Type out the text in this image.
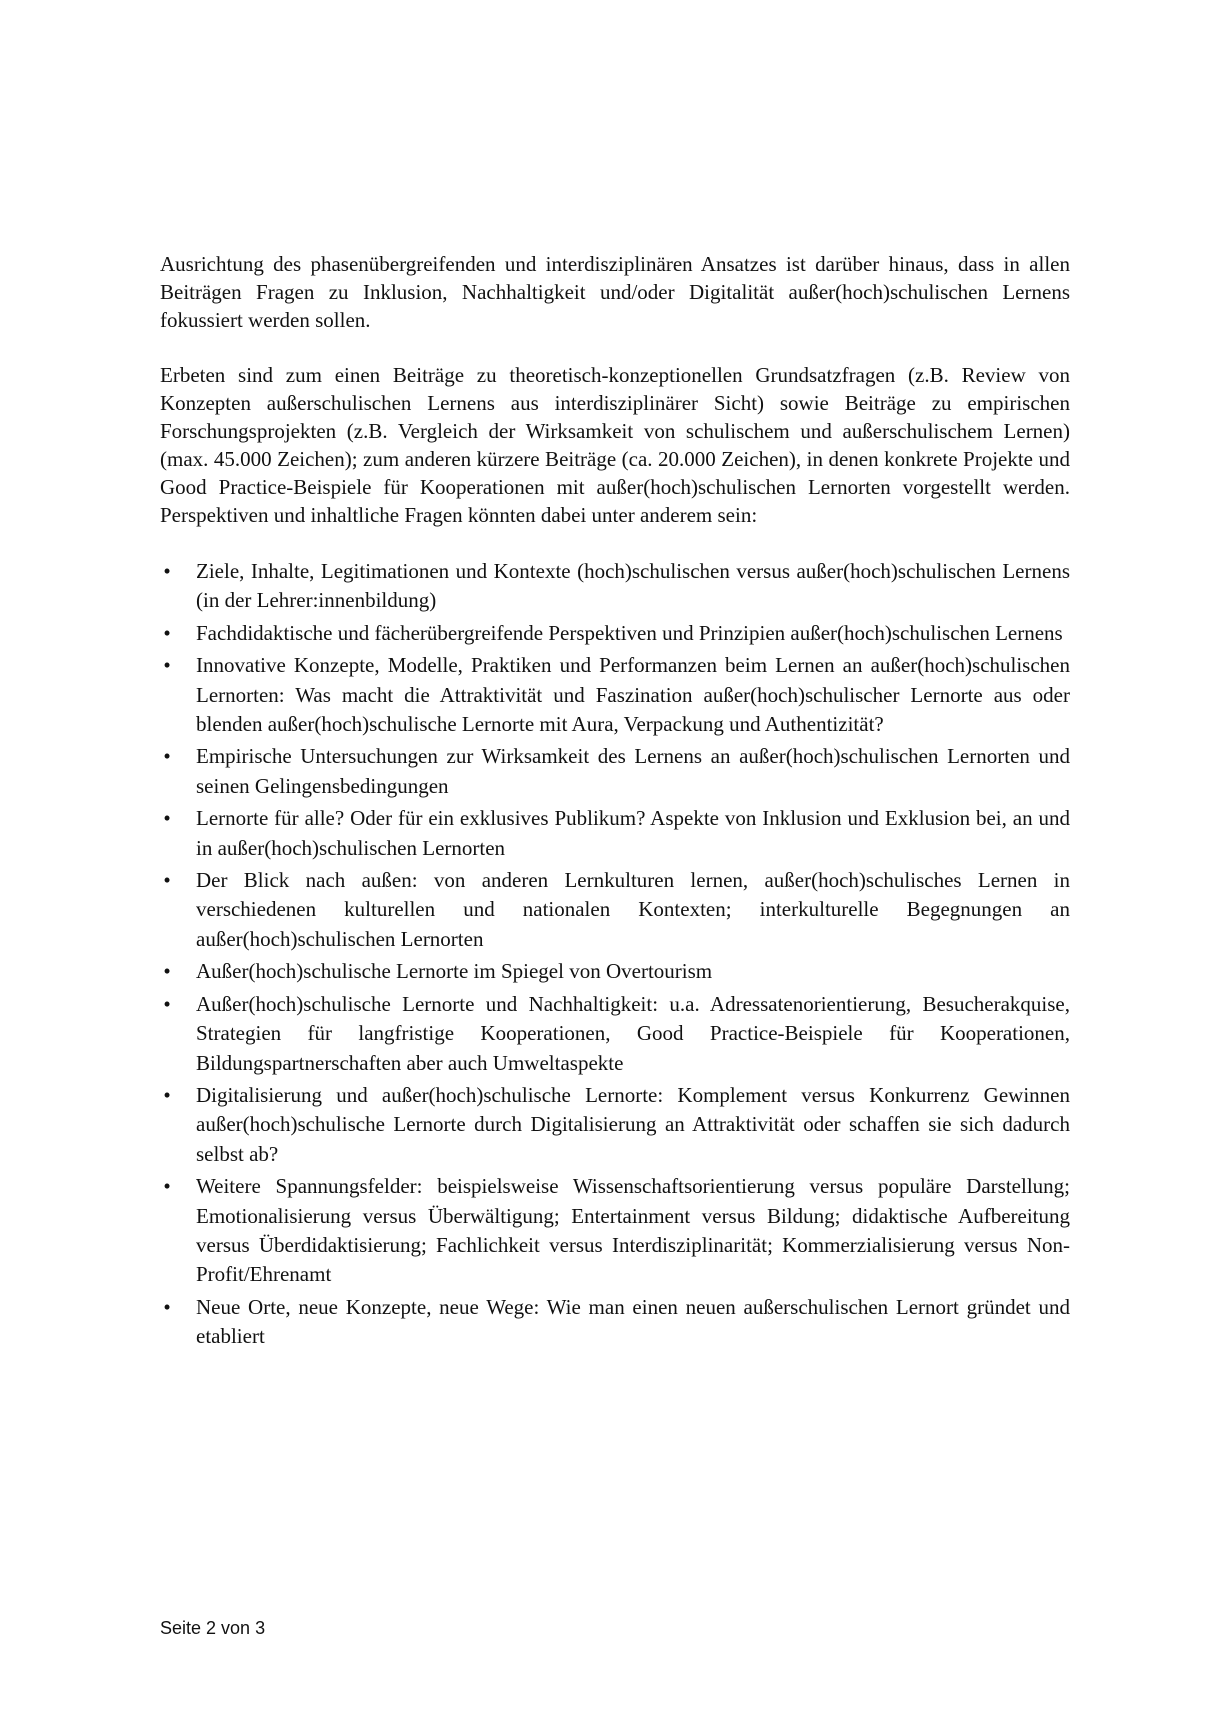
Ausrichtung des phasenübergreifenden und interdisziplinären Ansatzes ist darüber hinaus, dass in allen Beiträgen Fragen zu Inklusion, Nachhaltigkeit und/oder Digitalität außer(hoch)schulischen Lernens fokussiert werden sollen.

Erbeten sind zum einen Beiträge zu theoretisch-konzeptionellen Grundsatzfragen (z.B. Review von Konzepten außerschulischen Lernens aus interdisziplinärer Sicht) sowie Beiträge zu empirischen Forschungsprojekten (z.B. Vergleich der Wirksamkeit von schulischem und außerschulischem Lernen) (max. 45.000 Zeichen); zum anderen kürzere Beiträge (ca. 20.000 Zeichen), in denen konkrete Projekte und Good Practice-Beispiele für Kooperationen mit außer(hoch)schulischen Lernorten vorgestellt werden. Perspektiven und inhaltliche Fragen könnten dabei unter anderem sein:

• Ziele, Inhalte, Legitimationen und Kontexte (hoch)schulischen versus außer(hoch)schulischen Lernens (in der Lehrer:innenbildung)
• Fachdidaktische und fächerübergreifende Perspektiven und Prinzipien außer(hoch)schulischen Lernens
• Innovative Konzepte, Modelle, Praktiken und Performanzen beim Lernen an außer(hoch)schulischen Lernorten: Was macht die Attraktivität und Faszination außer(hoch)schulischer Lernorte aus oder blenden außer(hoch)schulische Lernorte mit Aura, Verpackung und Authentizität?
• Empirische Untersuchungen zur Wirksamkeit des Lernens an außer(hoch)schulischen Lernorten und seinen Gelingensbedingungen
• Lernorte für alle? Oder für ein exklusives Publikum? Aspekte von Inklusion und Exklusion bei, an und in außer(hoch)schulischen Lernorten
• Der Blick nach außen: von anderen Lernkulturen lernen, außer(hoch)schulisches Lernen in verschiedenen kulturellen und nationalen Kontexten; interkulturelle Begegnungen an außer(hoch)schulischen Lernorten
• Außer(hoch)schulische Lernorte im Spiegel von Overtourism
• Außer(hoch)schulische Lernorte und Nachhaltigkeit: u.a. Adressatenorientierung, Besucherakquise, Strategien für langfristige Kooperationen, Good Practice-Beispiele für Kooperationen, Bildungspartnerschaften aber auch Umweltaspekte
• Digitalisierung und außer(hoch)schulische Lernorte: Komplement versus Konkurrenz Gewinnen außer(hoch)schulische Lernorte durch Digitalisierung an Attraktivität oder schaffen sie sich dadurch selbst ab?
• Weitere Spannungsfelder: beispielsweise Wissenschaftsorientierung versus populäre Darstellung; Emotionalisierung versus Überwältigung; Entertainment versus Bildung; didaktische Aufbereitung versus Überdidaktisierung; Fachlichkeit versus Interdisziplinarität; Kommerzialisierung versus Non-Profit/Ehrenamt
• Neue Orte, neue Konzepte, neue Wege: Wie man einen neuen außerschulischen Lernort gründet und etabliert
Seite 2 von 3
